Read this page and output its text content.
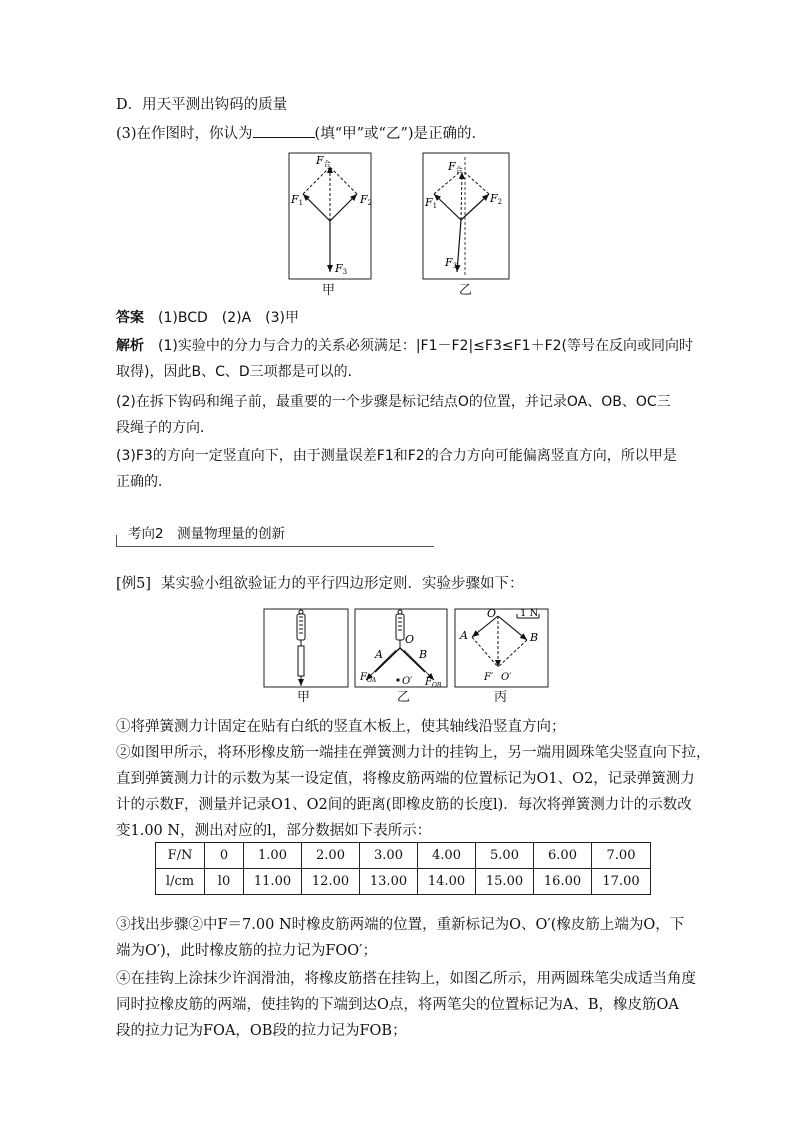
D．用天平测出钩码的质量
(3)在作图时，你认为	(填“甲”或“乙”)是正确的．
F合
F1	F2
F3
F合
F1
F2
F3
甲	乙
答案 (1)BCD　(2)A　(3)甲
解析 (1)实验中的分力与合力的关系必须满足：|F1－F2|≤F3≤F1＋F2(等号在反向或同向时
取得)，因此B、C、D三项都是可以的．
(2)在拆下钩码和绳子前，最重要的一个步骤是标记结点O的位置，并记录OA、OB、OC三
段绳子的方向．
(3)F3的方向一定竖直向下，由于测量误差F1和F2的合力方向可能偏离竖直方向，所以甲是
正确的．
考向2　测量物理量的创新
[例5] 某实验小组欲验证力的平行四边形定则．实验步骤如下：
O
A	B
O′
$F_{OA}$	$F_{OB}$
O 1 N
A	B
F′ O′
甲	乙	丙
①将弹簧测力计固定在贴有白纸的竖直木板上，使其轴线沿竖直方向；
②如图甲所示，将环形橡皮筋一端挂在弹簧测力计的挂钩上，另一端用圆珠笔尖竖直向下拉，
直到弹簧测力计的示数为某一设定值，将橡皮筋两端的位置标记为O1、O2，记录弹簧测力
计的示数F，测量并记录O1、O2间的距离(即橡皮筋的长度l)．每次将弹簧测力计的示数改
变1.00 N，测出对应的l，部分数据如下表所示：
F/N	0	1.00	2.00	3.00	4.00	5.00	6.00	7.00
l/cm	l0	11.00	12.00	13.00	14.00	15.00	16.00	17.00
③找出步骤②中F＝7.00 N时橡皮筋两端的位置，重新标记为O、O′(橡皮筋上端为O，下
端为O′)，此时橡皮筋的拉力记为FOO′；
④在挂钩上涂抹少许润滑油，将橡皮筋搭在挂钩上，如图乙所示，用两圆珠笔尖成适当角度
同时拉橡皮筋的两端，使挂钩的下端到达O点，将两笔尖的位置标记为A、B，橡皮筋OA
段的拉力记为FOA，OB段的拉力记为FOB；
